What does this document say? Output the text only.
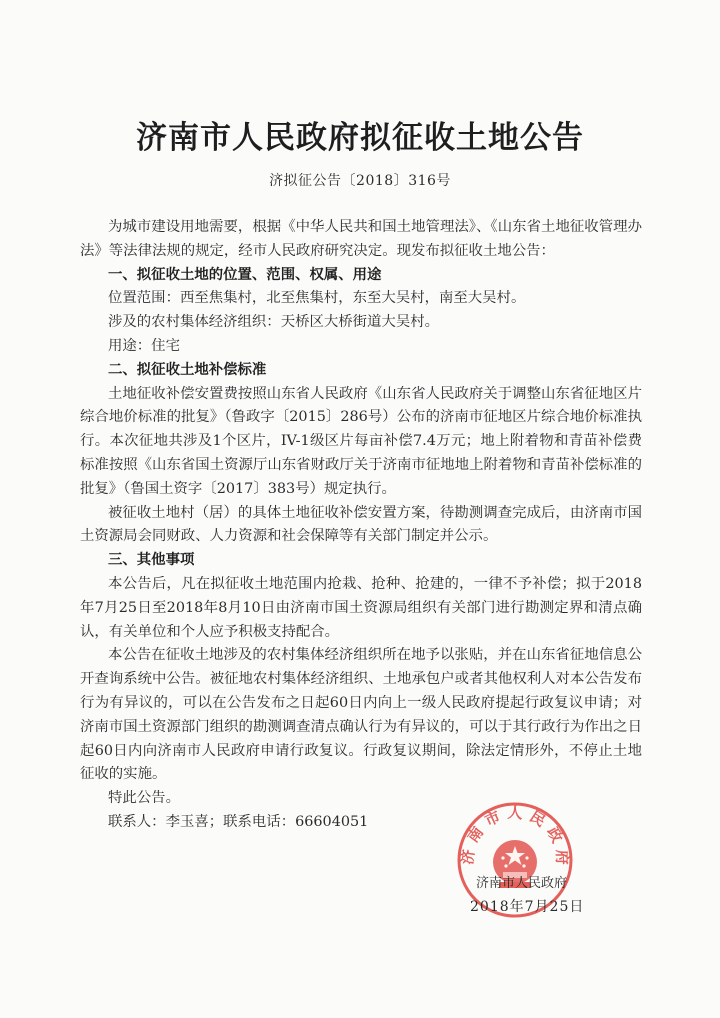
济南市人民政府拟征收土地公告
济拟征公告〔2018〕316号

为城市建设用地需要，根据《中华人民共和国土地管理法》、《山东省土地征收管理办法》等法律法规的规定，经市人民政府研究决定。现发布拟征收土地公告：

一、拟征收土地的位置、范围、权属、用途

位置范围：西至焦集村，北至焦集村，东至大吴村，南至大吴村。

涉及的农村集体经济组织：天桥区大桥街道大吴村。

用途：住宅

二、拟征收土地补偿标准

土地征收补偿安置费按照山东省人民政府《山东省人民政府关于调整山东省征地区片综合地价标准的批复》（鲁政字〔2015〕286号）公布的济南市征地区片综合地价标准执行。本次征地共涉及1个区片，IV-1级区片每亩补偿7.4万元；地上附着物和青苗补偿费标准按照《山东省国土资源厅山东省财政厅关于济南市征地地上附着物和青苗补偿标准的批复》（鲁国土资字〔2017〕383号）规定执行。

被征收土地村（居）的具体土地征收补偿安置方案，待勘测调查完成后，由济南市国土资源局会同财政、人力资源和社会保障等有关部门制定并公示。

三、其他事项

本公告后，凡在拟征收土地范围内抢栽、抢种、抢建的，一律不予补偿；拟于2018年7月25日至2018年8月10日由济南市国土资源局组织有关部门进行勘测定界和清点确认，有关单位和个人应予积极支持配合。

本公告在征收土地涉及的农村集体经济组织所在地予以张贴，并在山东省征地信息公开查询系统中公告。被征地农村集体经济组织、土地承包户或者其他权利人对本公告发布行为有异议的，可以在公告发布之日起60日内向上一级人民政府提起行政复议申请；对济南市国土资源部门组织的勘测调查清点确认行为有异议的，可以于其行政行为作出之日起60日内向济南市人民政府申请行政复议。行政复议期间，除法定情形外，不停止土地征收的实施。

特此公告。

联系人：李玉喜；联系电话：66604051

济南市人民政府
济南市人民政府
2018年7月25日
